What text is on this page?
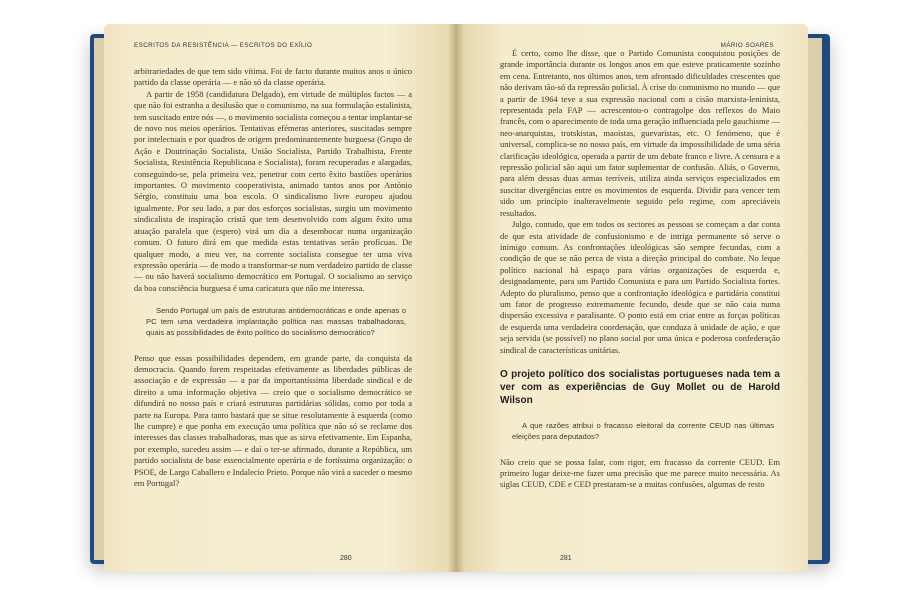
ESCRITOS DA RESISTÊNCIA — ESCRITOS DO EXÍLIO

arbitrariedades de que tem sido vítima. Foi de facto durante muitos anos o único partido da classe operária — e não só da classe operária.

A partir de 1958 (candidatura Delgado), em virtude de múltiplos factos — a que não foi estranha a desilusão que o comunismo, na sua formulação estalinista, tem suscitado entre nós —, o movimento socialista começou a tentar implantar-se de novo nos meios operários. Tentativas efémeras anteriores, suscitadas sempre por intelectuais e por quadros de origem predominantemente burguesa (Grupo de Ação e Doutrinação Socialista, União Socialista, Partido Trabalhista, Frente Socialista, Resistência Republicana e Socialista), foram recuperadas e alargadas, conseguindo-se, pela primeira vez, penetrar com certo êxito bastiões operários importantes. O movimento cooperativista, animado tantos anos por António Sérgio, constituiu uma boa escola. O sindicalismo livre europeu ajudou igualmente. Por seu lado, a par dos esforços socialistas, surgiu um movimento sindicalista de inspiração cristã que tem desenvolvido com algum êxito uma atuação paralela que (espero) virá um dia a desembocar numa organização comum. O futuro dirá em que medida estas tentativas serão profícuas. De qualquer modo, a meu ver, na corrente socialista consegue ter uma viva expressão operária — de modo a transformar-se num verdadeiro partido de classe — ou não haverá socialismo democrático em Portugal. O socialismo ao serviço da boa consciência burguesa é uma caricatura que não me interessa.

Sendo Portugal um país de estruturas antidemocráticas e onde apenas o PC tem uma verdadeira implantação política nas massas trabalhadoras, quais as possibilidades de êxito político do socialismo democrático?

Penso que essas possibilidades dependem, em grande parte, da conquista da democracia. Quando forem respeitadas efetivamente as liberdades públicas de associação e de expressão — a par da importantíssima liberdade sindical e de direito a uma informação objetiva — creio que o socialismo democrático se difundirá no nosso país e criará estruturas partidárias sólidas, como por toda a parte na Europa. Para tanto bastará que se situe resolutamente à esquerda (como lhe cumpre) e que ponha em execução uma política que não só se reclame dos interesses das classes trabalhadoras, mas que as sirva efetivamente. Em Espanha, por exemplo, sucedeu assim — e daí o ter-se afirmado, durante a República, um partido socialista de base essencialmente operária e de fortíssima organização: o PSOE, de Largo Caballero e Indalecio Prieto. Porque não virá a suceder o mesmo em Portugal?

280
MÁRIO SOARES

É certo, como lhe disse, que o Partido Comunista conquistou posições de grande importância durante os longos anos em que esteve praticamente sozinho em cena. Entretanto, nos últimos anos, tem afrontado dificuldades crescentes que não derivam tão-só da repressão policial. À crise do comunismo no mundo — que a partir de 1964 teve a sua expressão nacional com a cisão marxista-leninista, representada pela FAP — acrescentou-o contragolpe dos reflexos do Maio francês, com o aparecimento de toda uma geração influenciada pelo gauchisme — neo-anarquistas, trotskistas, maoistas, guevaristas, etc. O fenómeno, que é universal, complica-se no nosso país, em virtude da impossibilidade de uma séria clarificação ideológica, operada a partir de um debate franco e livre. A censura e a repressão policial são aqui um fator suplementar de confusão. Aliás, o Governo, para além dessas duas armas terríveis, utiliza ainda serviços especializados em suscitar divergências entre os movimentos de esquerda. Dividir para vencer tem sido um princípio inalteravelmente seguido pelo regime, com apreciáveis resultados.

Julgo, contudo, que em todos os sectores as pessoas se começam a dar conta de que esta atividade de confusionismo e de intriga permanente só serve o inimigo comum. As confrontações ideológicas são sempre fecundas, com a condição de que se não perca de vista a direção principal do combate. No leque político nacional há espaço para várias organizações de esquerda e, designadamente, para um Partido Comunista e para um Partido Socialista fortes. Adepto do pluralismo, penso que a confrontação ideológica e partidária constitui um fator de progresso extremamente fecundo, desde que se não caia numa dispersão excessiva e paralisante. O ponto está em criar entre as forças políticas de esquerda uma verdadeira coordenação, que conduza à unidade de ação, e que seja servida (se possível) no plano social por uma única e poderosa confederação sindical de características unitárias.

O projeto político dos socialistas portugueses nada tem a ver com as experiências de Guy Mollet ou de Harold Wilson

A que razões atribui o fracasso eleitoral da corrente CEUD nas últimas eleições para deputados?

Não creio que se possa falar, com rigor, em fracasso da corrente CEUD. Em primeiro lugar deixe-me fazer uma precisão que me parece muito necessária. As siglas CEUD, CDE e CED prestaram-se a muitas confusões, algumas de resto

281
